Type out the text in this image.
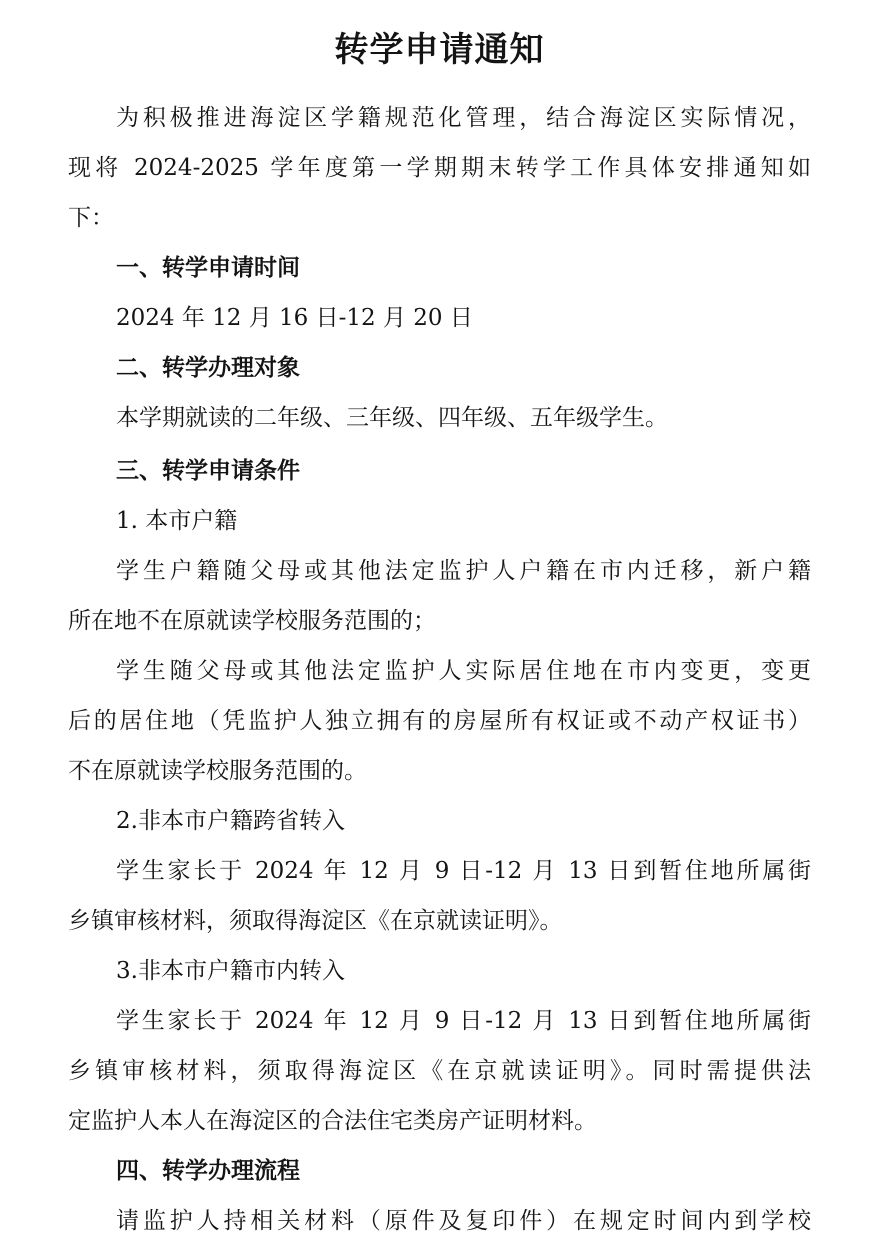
转学申请通知

为积极推进海淀区学籍规范化管理，结合海淀区实际情况，

现将 2024-2025 学年度第一学期期末转学工作具体安排通知如

下：

一、转学申请时间

2024 年 12 月 16 日-12 月 20 日

二、转学办理对象

本学期就读的二年级、三年级、四年级、五年级学生。

三、转学申请条件

1. 本市户籍

学生户籍随父母或其他法定监护人户籍在市内迁移，新户籍

所在地不在原就读学校服务范围的；

学生随父母或其他法定监护人实际居住地在市内变更，变更

后的居住地（凭监护人独立拥有的房屋所有权证或不动产权证书）

不在原就读学校服务范围的。

2.非本市户籍跨省转入

学生家长于 2024 年 12 月 9 日-12 月 13 日到暂住地所属街

乡镇审核材料，须取得海淀区《在京就读证明》。

3.非本市户籍市内转入

学生家长于 2024 年 12 月 9 日-12 月 13 日到暂住地所属街

乡镇审核材料，须取得海淀区《在京就读证明》。同时需提供法

定监护人本人在海淀区的合法住宅类房产证明材料。

四、转学办理流程

请监护人持相关材料（原件及复印件）在规定时间内到学校
